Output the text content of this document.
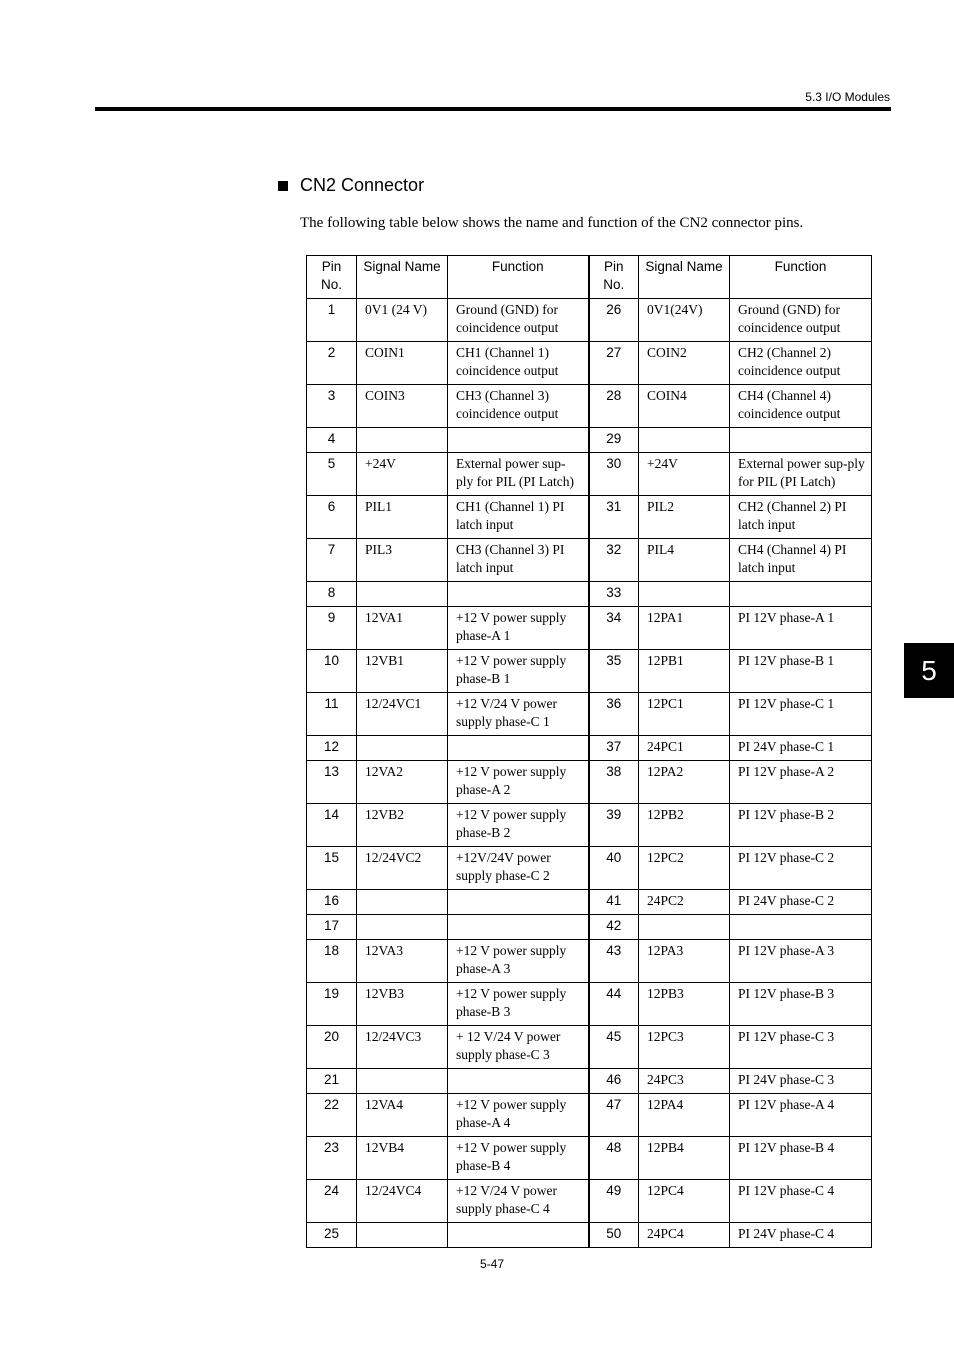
5.3 I/O Modules
5
CN2 Connector
The following table below shows the name and function of the CN2 connector pins.
Pin No.	Signal Name	Function	Pin No.	Signal Name	Function
1	0V1 (24 V)	Ground (GND) for coincidence output	26	0V1(24V)	Ground (GND) for coincidence output
2	COIN1	CH1 (Channel 1) coincidence output	27	COIN2	CH2 (Channel 2) coincidence output
3	COIN3	CH3 (Channel 3) coincidence output	28	COIN4	CH4 (Channel 4) coincidence output
4			29		
5	+24V	External power sup-ply for PIL (PI Latch)	30	+24V	External power sup-ply for PIL (PI Latch)
6	PIL1	CH1 (Channel 1) PI latch input	31	PIL2	CH2 (Channel 2) PI latch input
7	PIL3	CH3 (Channel 3) PI latch input	32	PIL4	CH4 (Channel 4) PI latch input
8			33		
9	12VA1	+12 V power supply phase-A 1	34	12PA1	PI 12V phase-A 1
10	12VB1	+12 V power supply phase-B 1	35	12PB1	PI 12V phase-B 1
11	12/24VC1	+12 V/24 V power supply phase-C 1	36	12PC1	PI 12V phase-C 1
12			37	24PC1	PI 24V phase-C 1
13	12VA2	+12 V power supply phase-A 2	38	12PA2	PI 12V phase-A 2
14	12VB2	+12 V power supply phase-B 2	39	12PB2	PI 12V phase-B 2
15	12/24VC2	+12V/24V power supply phase-C 2	40	12PC2	PI 12V phase-C 2
16			41	24PC2	PI 24V phase-C 2
17			42		
18	12VA3	+12 V power supply phase-A 3	43	12PA3	PI 12V phase-A 3
19	12VB3	+12 V power supply phase-B 3	44	12PB3	PI 12V phase-B 3
20	12/24VC3	+ 12 V/24 V power supply phase-C 3	45	12PC3	PI 12V phase-C 3
21			46	24PC3	PI 24V phase-C 3
22	12VA4	+12 V power supply phase-A 4	47	12PA4	PI 12V phase-A 4
23	12VB4	+12 V power supply phase-B 4	48	12PB4	PI 12V phase-B 4
24	12/24VC4	+12 V/24 V power supply phase-C 4	49	12PC4	PI 12V phase-C 4
25			50	24PC4	PI 24V phase-C 4
5-47
